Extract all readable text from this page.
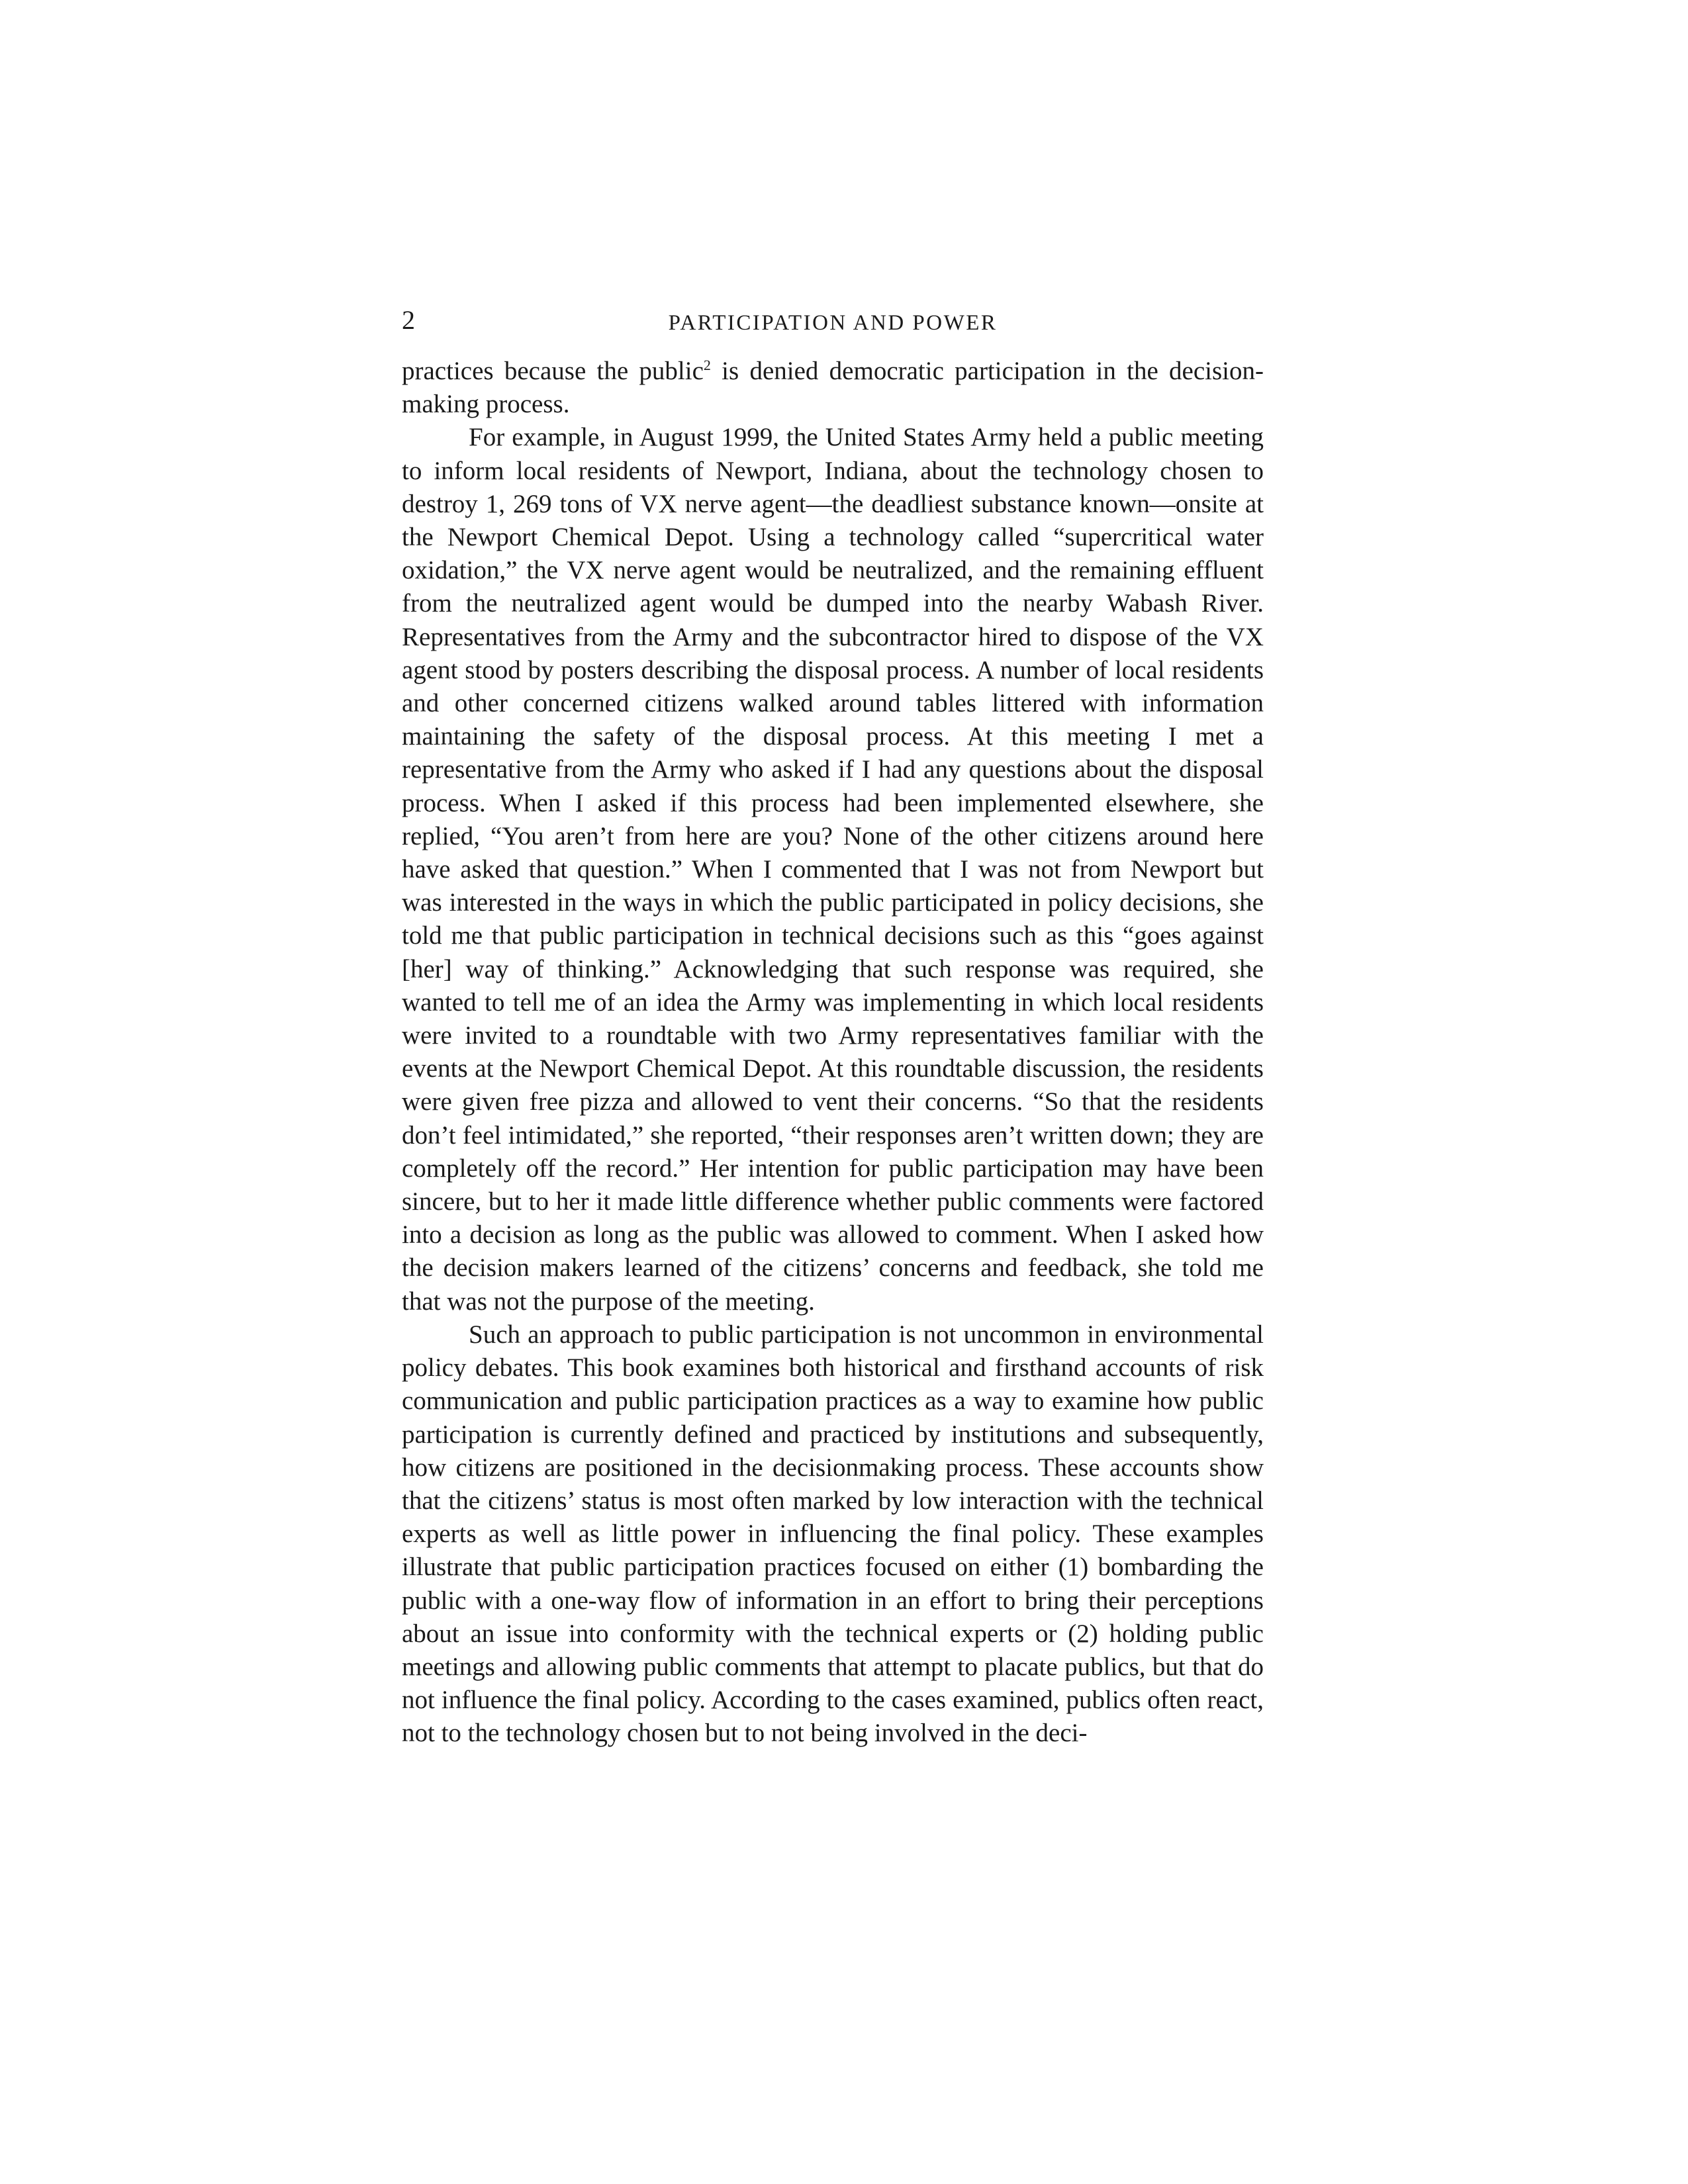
2	PARTICIPATION AND POWER

practices because the public$^2$ is denied democratic participation in the decisionmaking process.

For example, in August 1999, the United States Army held a public meeting to inform local residents of Newport, Indiana, about the technology chosen to destroy 1, 269 tons of VX nerve agent—the deadliest substance known—onsite at the Newport Chemical Depot. Using a technology called “supercritical water oxidation,” the VX nerve agent would be neutralized, and the remaining effluent from the neutralized agent would be dumped into the nearby Wabash River. Representatives from the Army and the subcontractor hired to dispose of the VX agent stood by posters describing the disposal process. A number of local residents and other concerned citizens walked around tables littered with information maintaining the safety of the disposal process. At this meeting I met a representative from the Army who asked if I had any questions about the disposal process. When I asked if this process had been implemented elsewhere, she replied, “You aren’t from here are you? None of the other citizens around here have asked that question.” When I commented that I was not from Newport but was interested in the ways in which the public participated in policy decisions, she told me that public participation in technical decisions such as this “goes against [her] way of thinking.” Acknowledging that such response was required, she wanted to tell me of an idea the Army was implementing in which local residents were invited to a roundtable with two Army representatives familiar with the events at the Newport Chemical Depot. At this roundtable discussion, the residents were given free pizza and allowed to vent their concerns. “So that the residents don’t feel intimidated,” she reported, “their responses aren’t written down; they are completely off the record.” Her intention for public participation may have been sincere, but to her it made little difference whether public comments were factored into a decision as long as the public was allowed to comment. When I asked how the decision makers learned of the citizens’ concerns and feedback, she told me that was not the purpose of the meeting.

Such an approach to public participation is not uncommon in environmental policy debates. This book examines both historical and firsthand accounts of risk communication and public participation practices as a way to examine how public participation is currently defined and practiced by institutions and subsequently, how citizens are positioned in the decisionmaking process. These accounts show that the citizens’ status is most often marked by low interaction with the technical experts as well as little power in influencing the final policy. These examples illustrate that public participation practices focused on either (1) bombarding the public with a one-way flow of information in an effort to bring their perceptions about an issue into conformity with the technical experts or (2) holding public meetings and allowing public comments that attempt to placate publics, but that do not influence the final policy. According to the cases examined, publics often react, not to the technology chosen but to not being involved in the deci-
